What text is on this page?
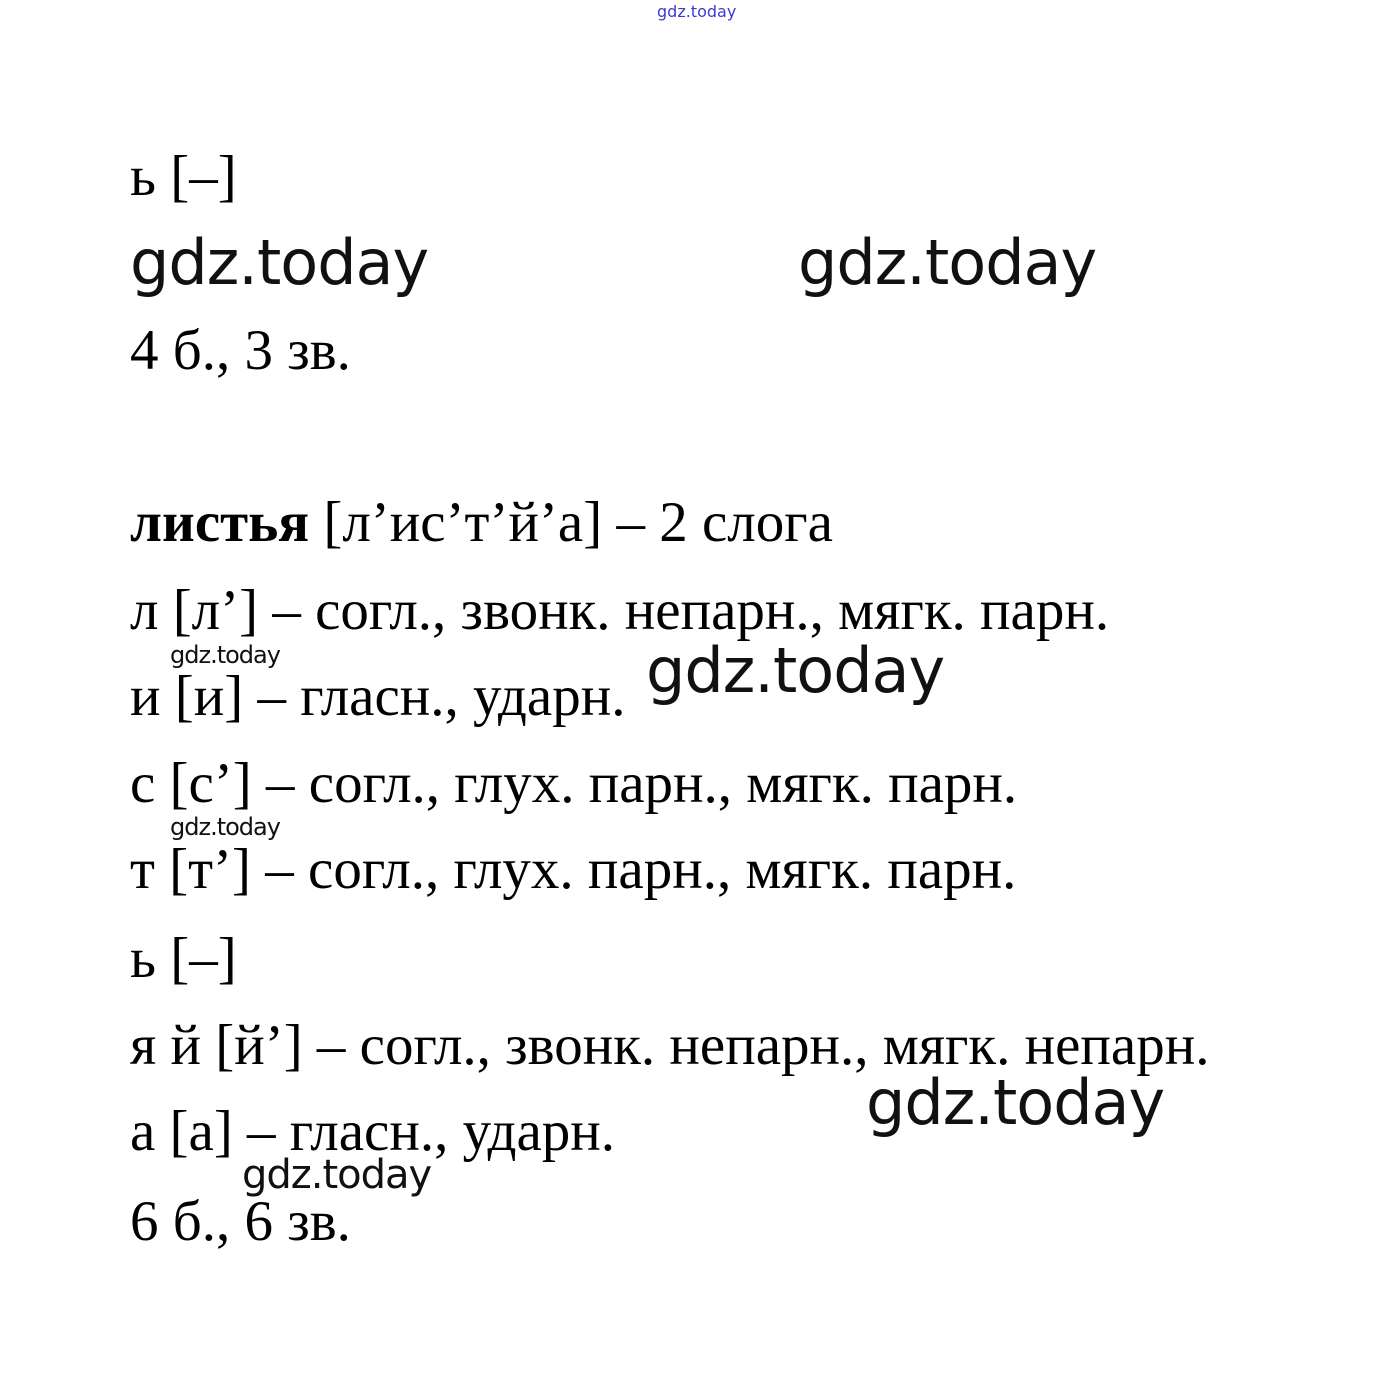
gdz.today

ь [–]

gdz.today	gdz.today

4 б., 3 зв.

листья [л’ис’т’й’а] – 2 слога

л [л’] – согл., звонк. непарн., мягк. парн.

gdz.today

и [и] – гласн., ударн. gdz.today

с [с’] – согл., глух. парн., мягк. парн.

gdz.today

т [т’] – согл., глух. парн., мягк. парн.

ь [–]

я й [й’] – согл., звонк. непарн., мягк. непарн.

gdz.today

а [а] – гласн., ударн.

gdz.today

6 б., 6 зв.
